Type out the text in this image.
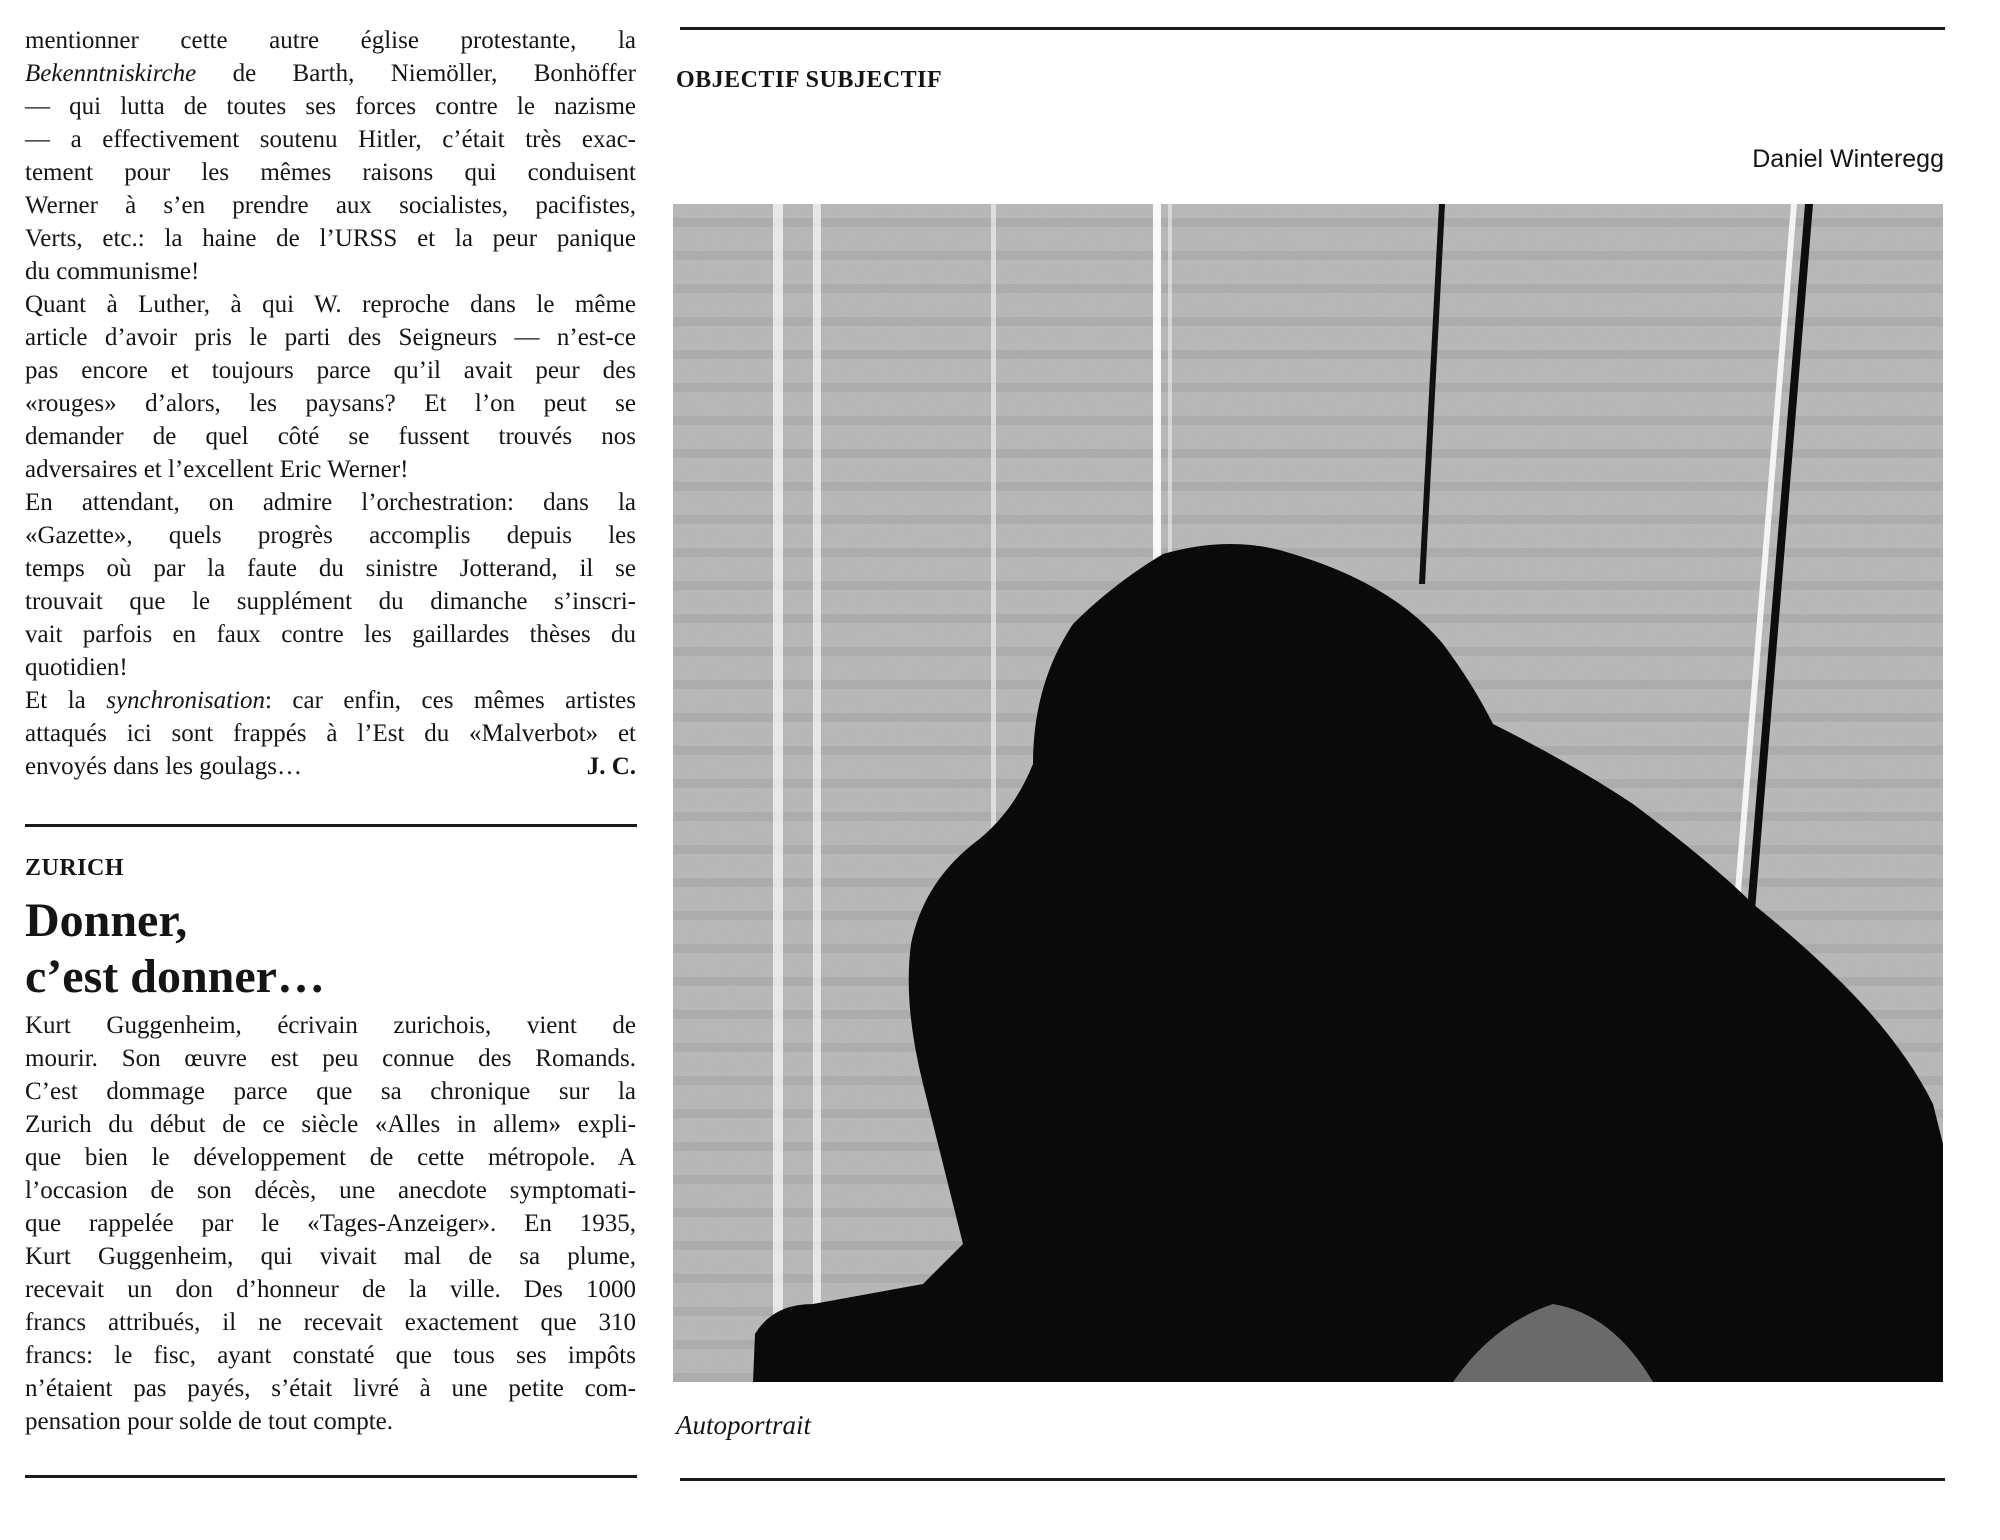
mentionner cette autre église protestante, la

Bekenntniskirche de Barth, Niemöller, Bonhöffer

— qui lutta de toutes ses forces contre le nazisme

— a effectivement soutenu Hitler, c’était très exac-

tement pour les mêmes raisons qui conduisent

Werner à s’en prendre aux socialistes, pacifistes,

Verts, etc.: la haine de l’URSS et la peur panique

du communisme!

Quant à Luther, à qui W. reproche dans le même

article d’avoir pris le parti des Seigneurs — n’est-ce

pas encore et toujours parce qu’il avait peur des

«rouges» d’alors, les paysans? Et l’on peut se

demander de quel côté se fussent trouvés nos

adversaires et l’excellent Eric Werner!

En attendant, on admire l’orchestration: dans la

«Gazette», quels progrès accomplis depuis les

temps où par la faute du sinistre Jotterand, il se

trouvait que le supplément du dimanche s’inscri-

vait parfois en faux contre les gaillardes thèses du

quotidien!

Et la synchronisation: car enfin, ces mêmes artistes

attaqués ici sont frappés à l’Est du «Malverbot» et

envoyés dans les goulags…	J. C.
ZURICH
Donner,
c’est donner…

Kurt Guggenheim, écrivain zurichois, vient de

mourir. Son œuvre est peu connue des Romands.

C’est dommage parce que sa chronique sur la

Zurich du début de ce siècle «Alles in allem» expli-

que bien le développement de cette métropole. A

l’occasion de son décès, une anecdote symptomati-

que rappelée par le «Tages-Anzeiger». En 1935,

Kurt Guggenheim, qui vivait mal de sa plume,

recevait un don d’honneur de la ville. Des 1000

francs attribués, il ne recevait exactement que 310

francs: le fisc, ayant constaté que tous ses impôts

n’étaient pas payés, s’était livré à une petite com-

pensation pour solde de tout compte.

OBJECTIF SUBJECTIF
Daniel Winteregg
Autoportrait
